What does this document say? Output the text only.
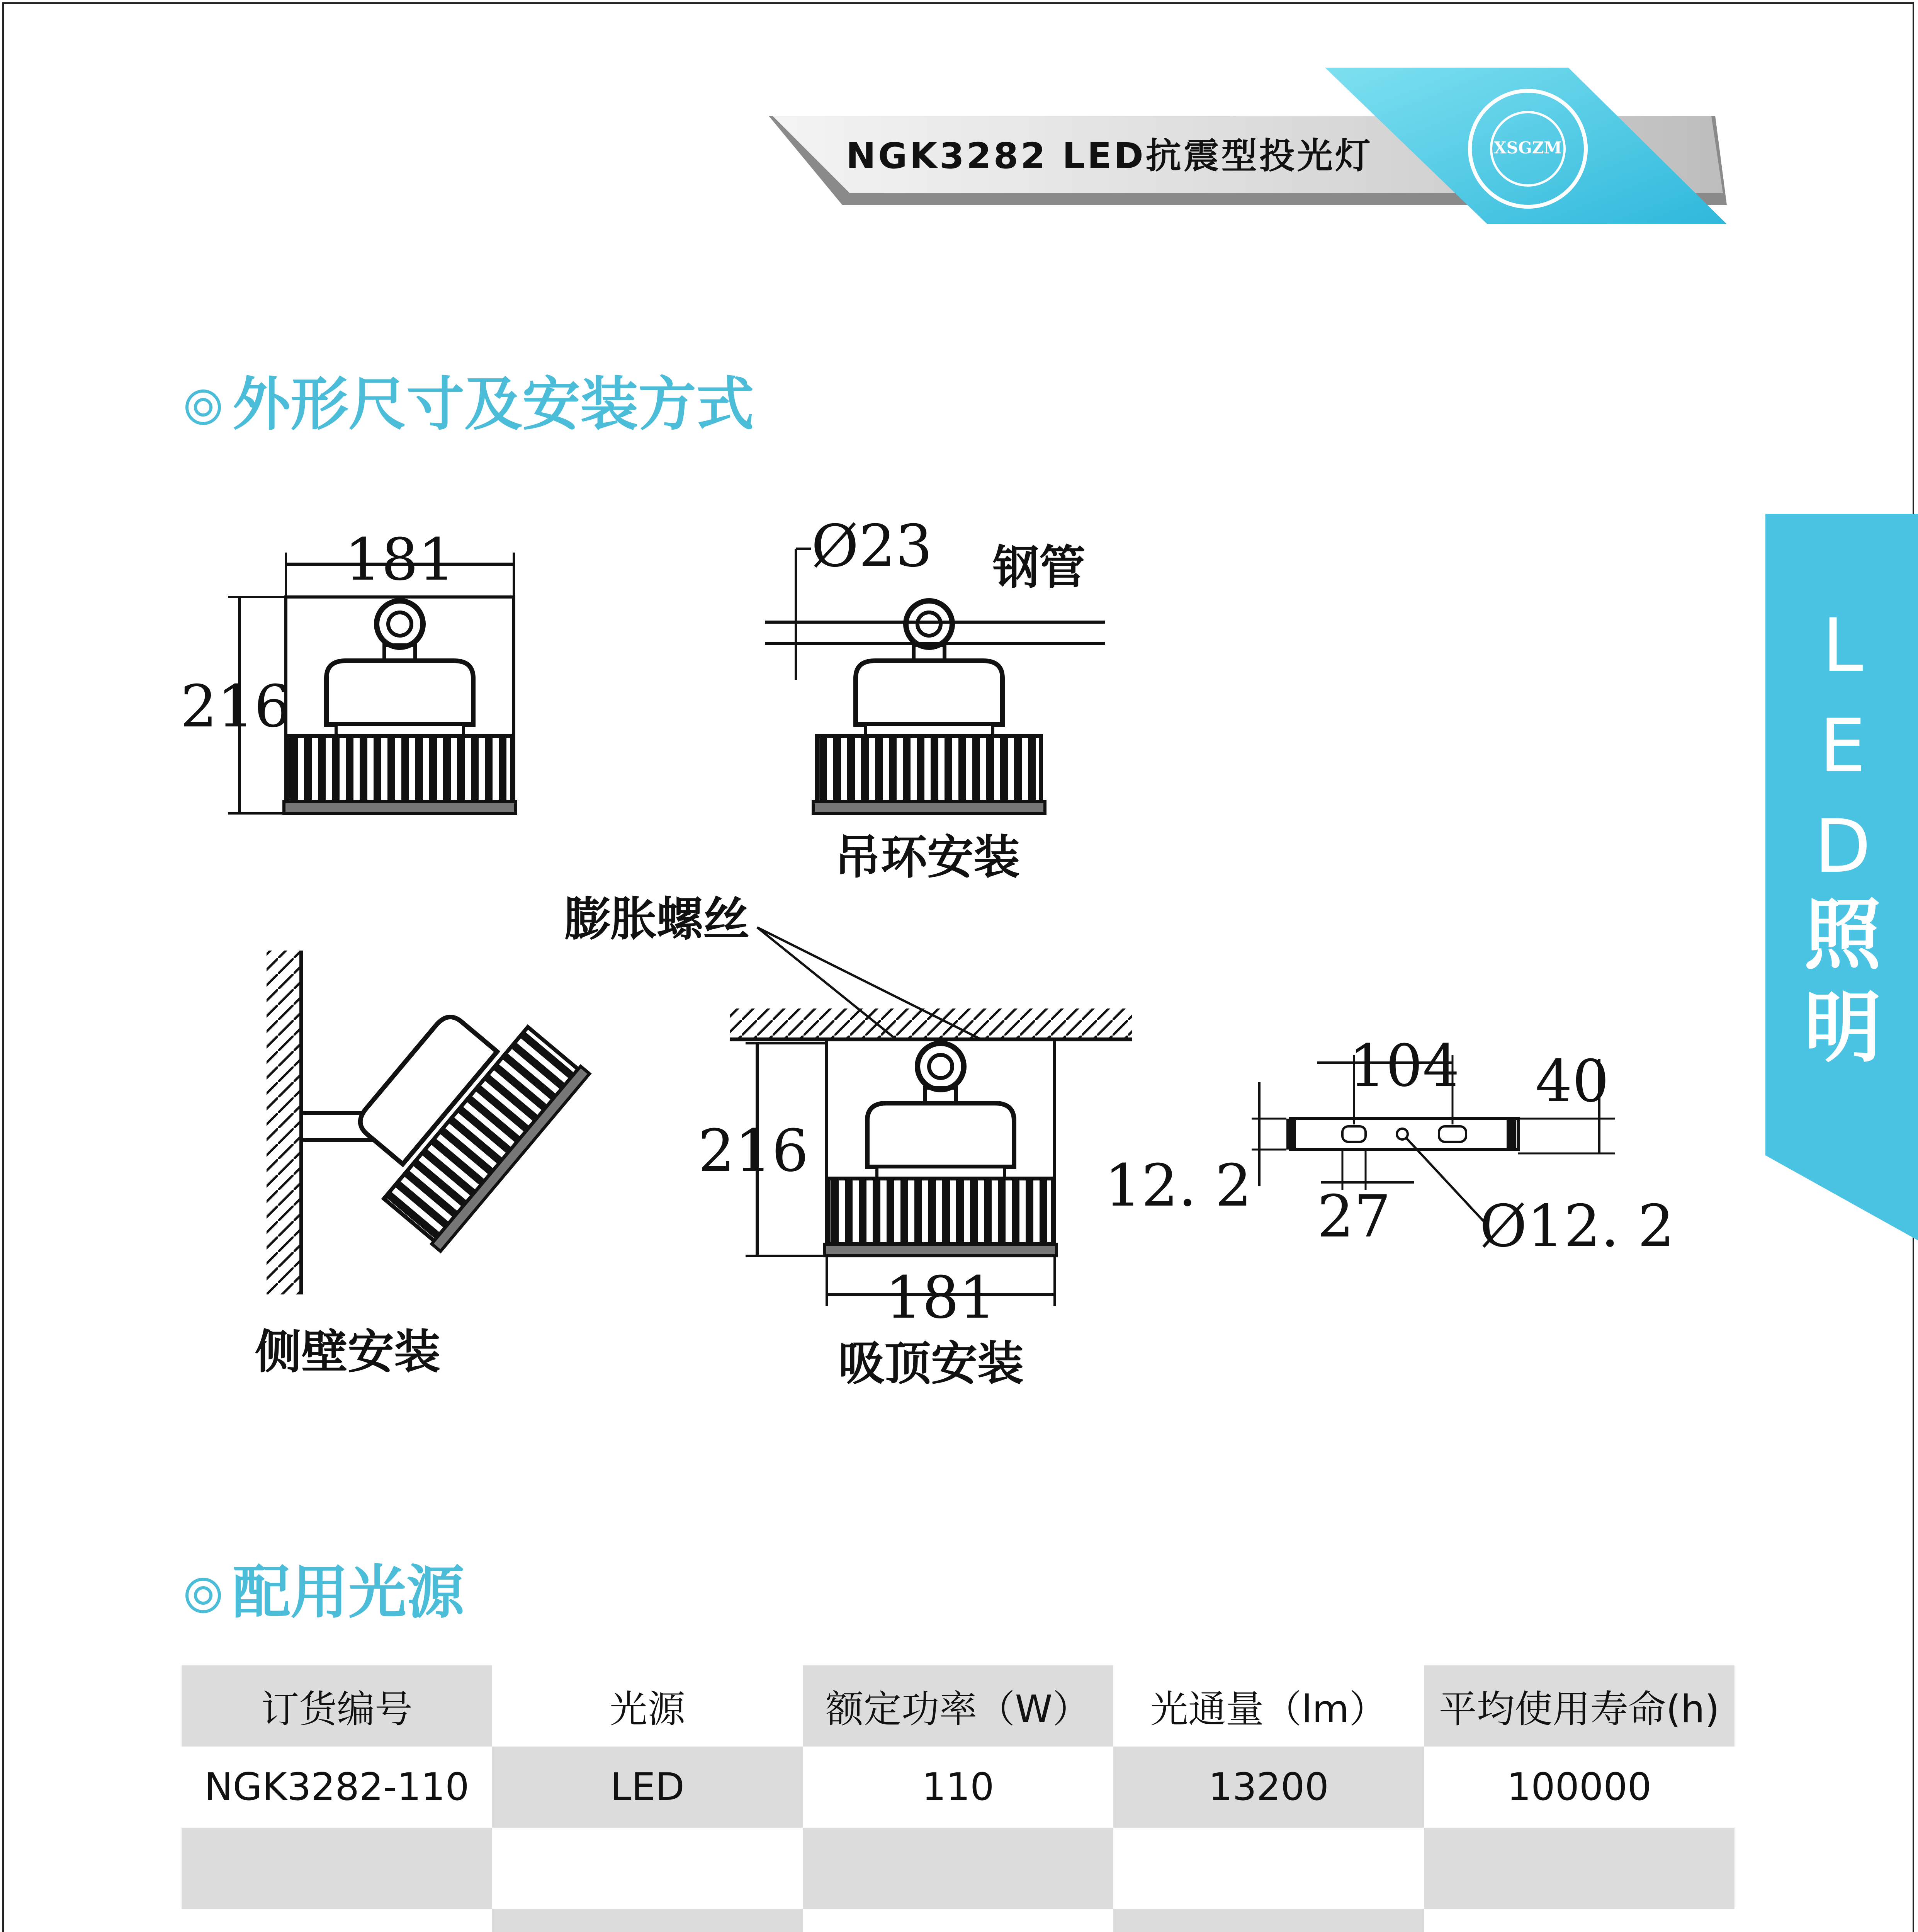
XSGZM
NGK3282 LED抗震型投光灯
L
E
D
照
明
外形尺寸及安装方式
配用光源
181
216
Ø23 钢管
吊环安装
膨胀螺丝
侧壁安装
216
181
吸顶安装
104 40
12. 2 27 Ø12. 2
订货编号	光源	额定功率（W）	光通量（lm）	平均使用寿命(h)
NGK3282-110	LED	110	13200	100000
